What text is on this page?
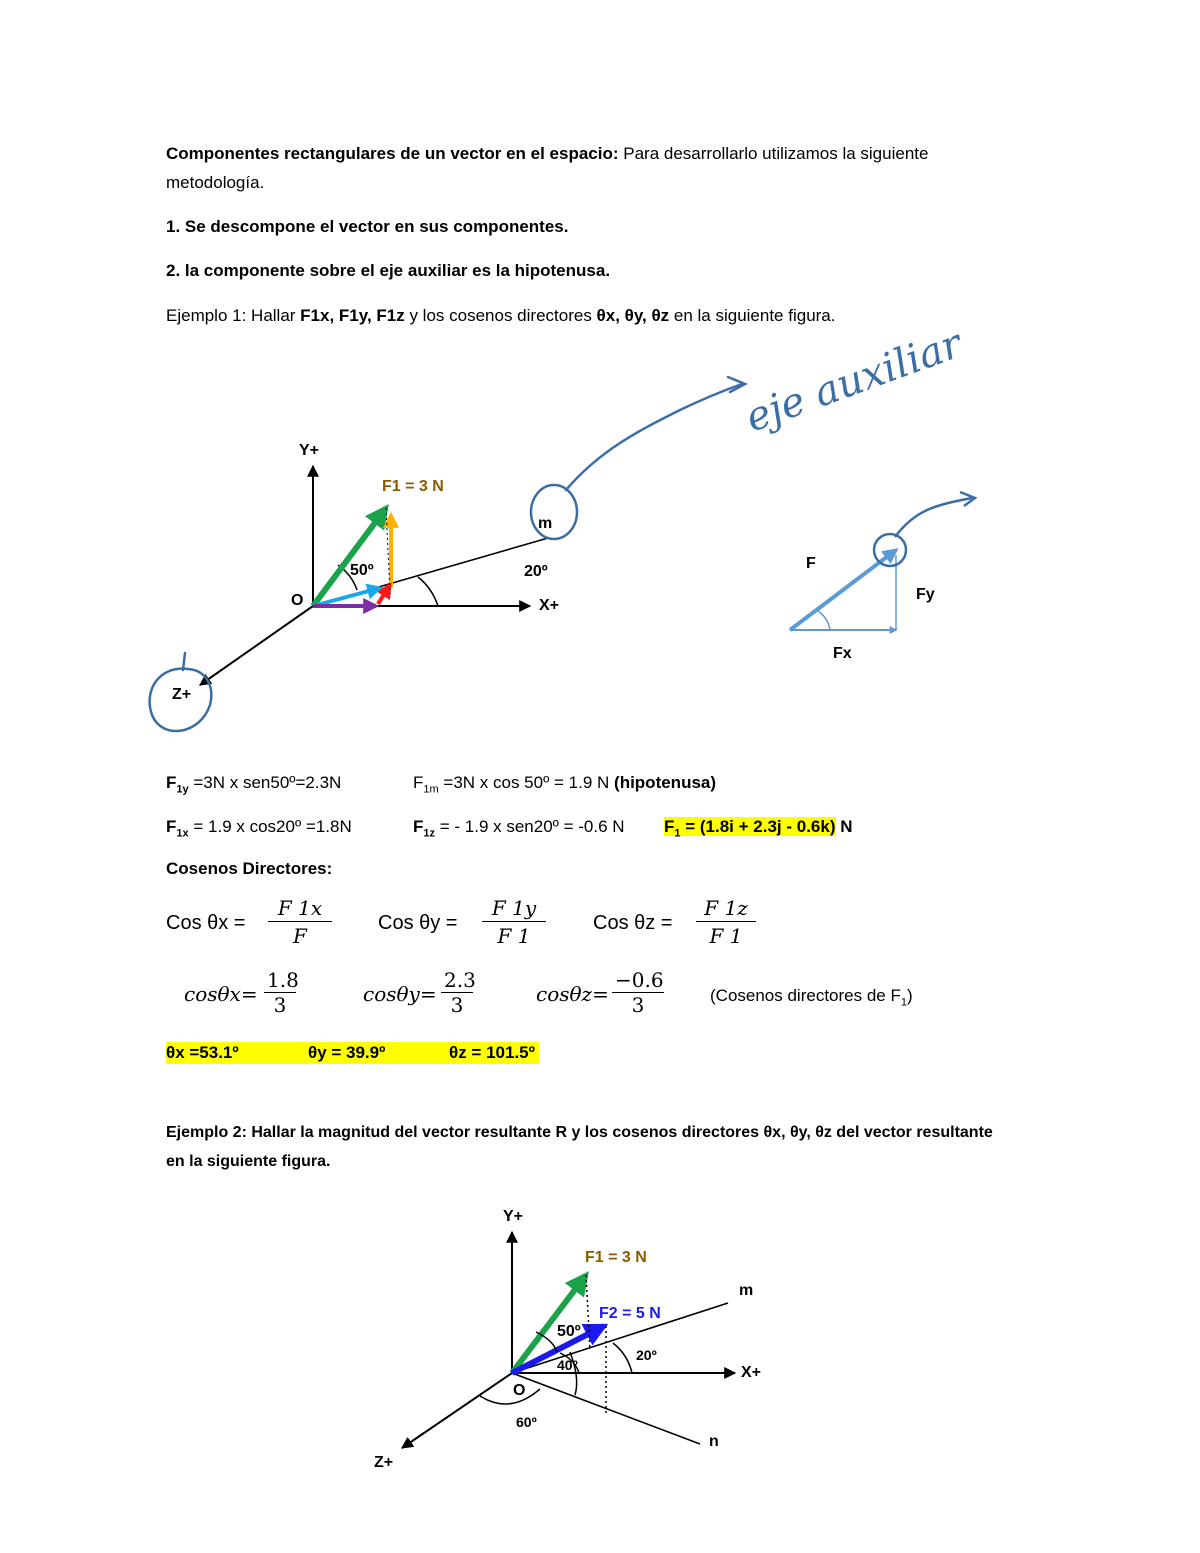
Componentes rectangulares de un vector en el espacio: Para desarrollarlo utilizamos la siguiente
metodología.
1. Se descompone el vector en sus componentes.
2. la componente sobre el eje auxiliar es la hipotenusa.
Ejemplo 1: Hallar F1x, F1y, F1z y los cosenos directores θx, θy, θz en la siguiente figura.
eje auxiliar
Y+
F1 = 3 N
m
50º	20º
O	X+
Z+
F
Fy
Fx
$F_{1y} =3N$ x sen50º=2.3N	$F_{1m} =3N$ x cos 50º = 1.9 N (hipotenusa)
$F_{1x} = 1.9$ x cos20º =1.8N	$F_{1z}$ = - 1.9 x sen20º = -0.6 N $F_1 = (1.8i + 2.3j - 0.6k)$ N
Cosenos Directores:
Cos $\theta x = \frac{F 1x}{F}$ Cos $\theta y = \frac{F 1y}{F 1}$ Cos $\theta z = \frac{F 1z}{F 1}$
$\cos\theta x= \frac{1.8}{3}$	$\cos\theta y= \frac{2.3}{3}$	$\cos\theta z= \frac{-0.6}{3}$	(Cosenos directores de $F_1$)
θx =53.1º	θy = 39.9º	θz = 101.5º
Ejemplo 2: Hallar la magnitud del vector resultante R y los cosenos directores θx, θy, θz del vector resultante
en la siguiente figura.
Y+
F1 = 3 N
m
F2 = 5 N
50º
20º
40º	X+
O
60º
n
Z+
